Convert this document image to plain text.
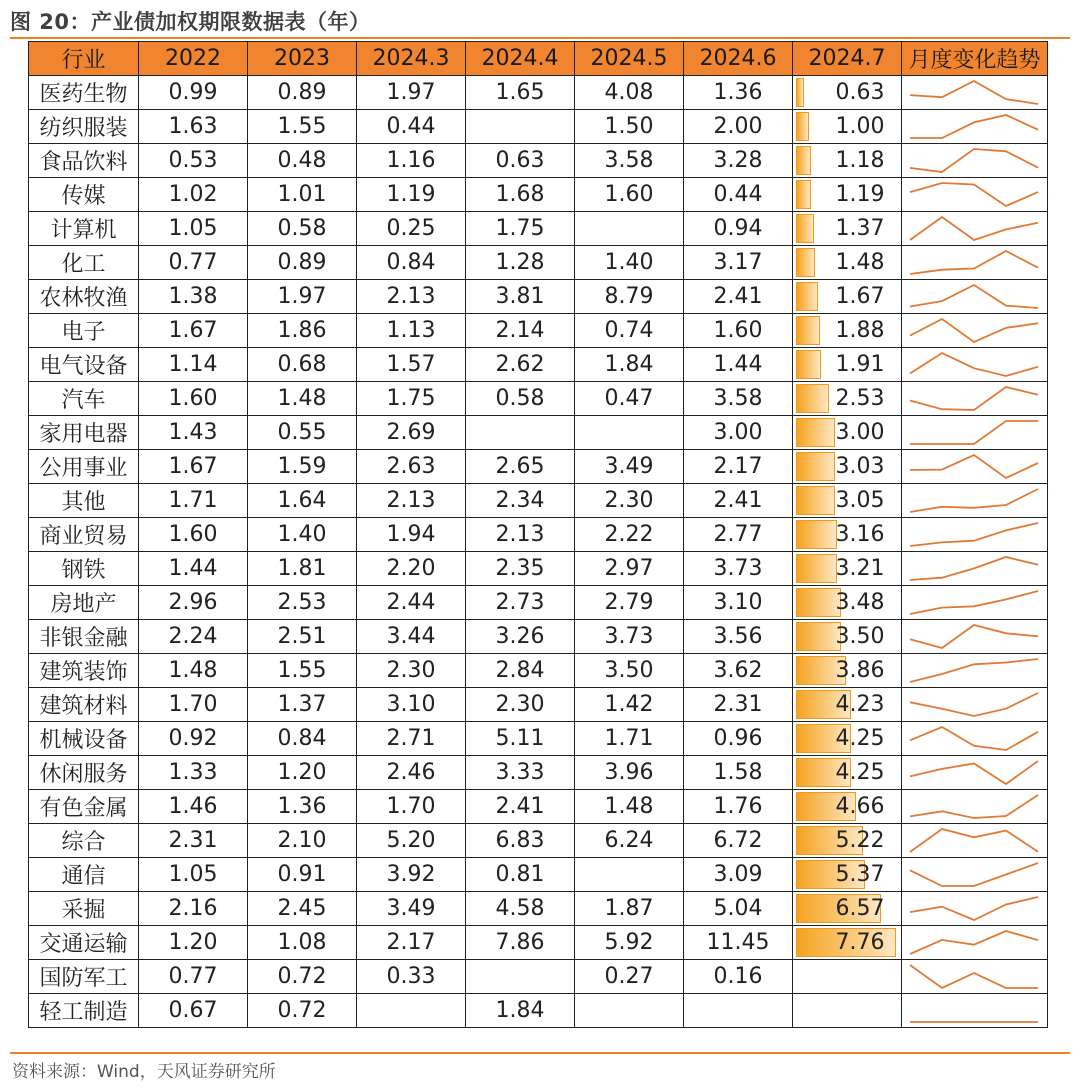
图 20：产业债加权期限数据表（年）
行业	2022	2023	2024.3	2024.4	2024.5	2024.6	2024.7	月度变化趋势
医药生物	0.99	0.89	1.97	1.65	4.08	1.36	0.63

纺织服装	1.63	1.55	0.44		1.50	2.00	1.00

食品饮料	0.53	0.48	1.16	0.63	3.58	3.28	1.18

传媒	1.02	1.01	1.19	1.68	1.60	0.44	1.19

计算机	1.05	0.58	0.25	1.75		0.94	1.37

化工	0.77	0.89	0.84	1.28	1.40	3.17	1.48

农林牧渔	1.38	1.97	2.13	3.81	8.79	2.41	1.67

电子	1.67	1.86	1.13	2.14	0.74	1.60	1.88

电气设备	1.14	0.68	1.57	2.62	1.84	1.44	1.91

汽车	1.60	1.48	1.75	0.58	0.47	3.58	2.53

家用电器	1.43	0.55	2.69			3.00	3.00

公用事业	1.67	1.59	2.63	2.65	3.49	2.17	3.03

其他	1.71	1.64	2.13	2.34	2.30	2.41	3.05

商业贸易	1.60	1.40	1.94	2.13	2.22	2.77	3.16

钢铁	1.44	1.81	2.20	2.35	2.97	3.73	3.21

房地产	2.96	2.53	2.44	2.73	2.79	3.10	3.48

非银金融	2.24	2.51	3.44	3.26	3.73	3.56	3.50

建筑装饰	1.48	1.55	2.30	2.84	3.50	3.62	3.86

建筑材料	1.70	1.37	3.10	2.30	1.42	2.31	4.23

机械设备	0.92	0.84	2.71	5.11	1.71	0.96	4.25

休闲服务	1.33	1.20	2.46	3.33	3.96	1.58	4.25

有色金属	1.46	1.36	1.70	2.41	1.48	1.76	4.66

综合	2.31	2.10	5.20	6.83	6.24	6.72	5.22

通信	1.05	0.91	3.92	0.81		3.09	5.37

采掘	2.16	2.45	3.49	4.58	1.87	5.04	6.57

交通运输	1.20	1.08	2.17	7.86	5.92	11.45	7.76

国防军工	0.77	0.72	0.33		0.27	0.16	

轻工制造	0.67	0.72		1.84			

资料来源：Wind，天风证券研究所
